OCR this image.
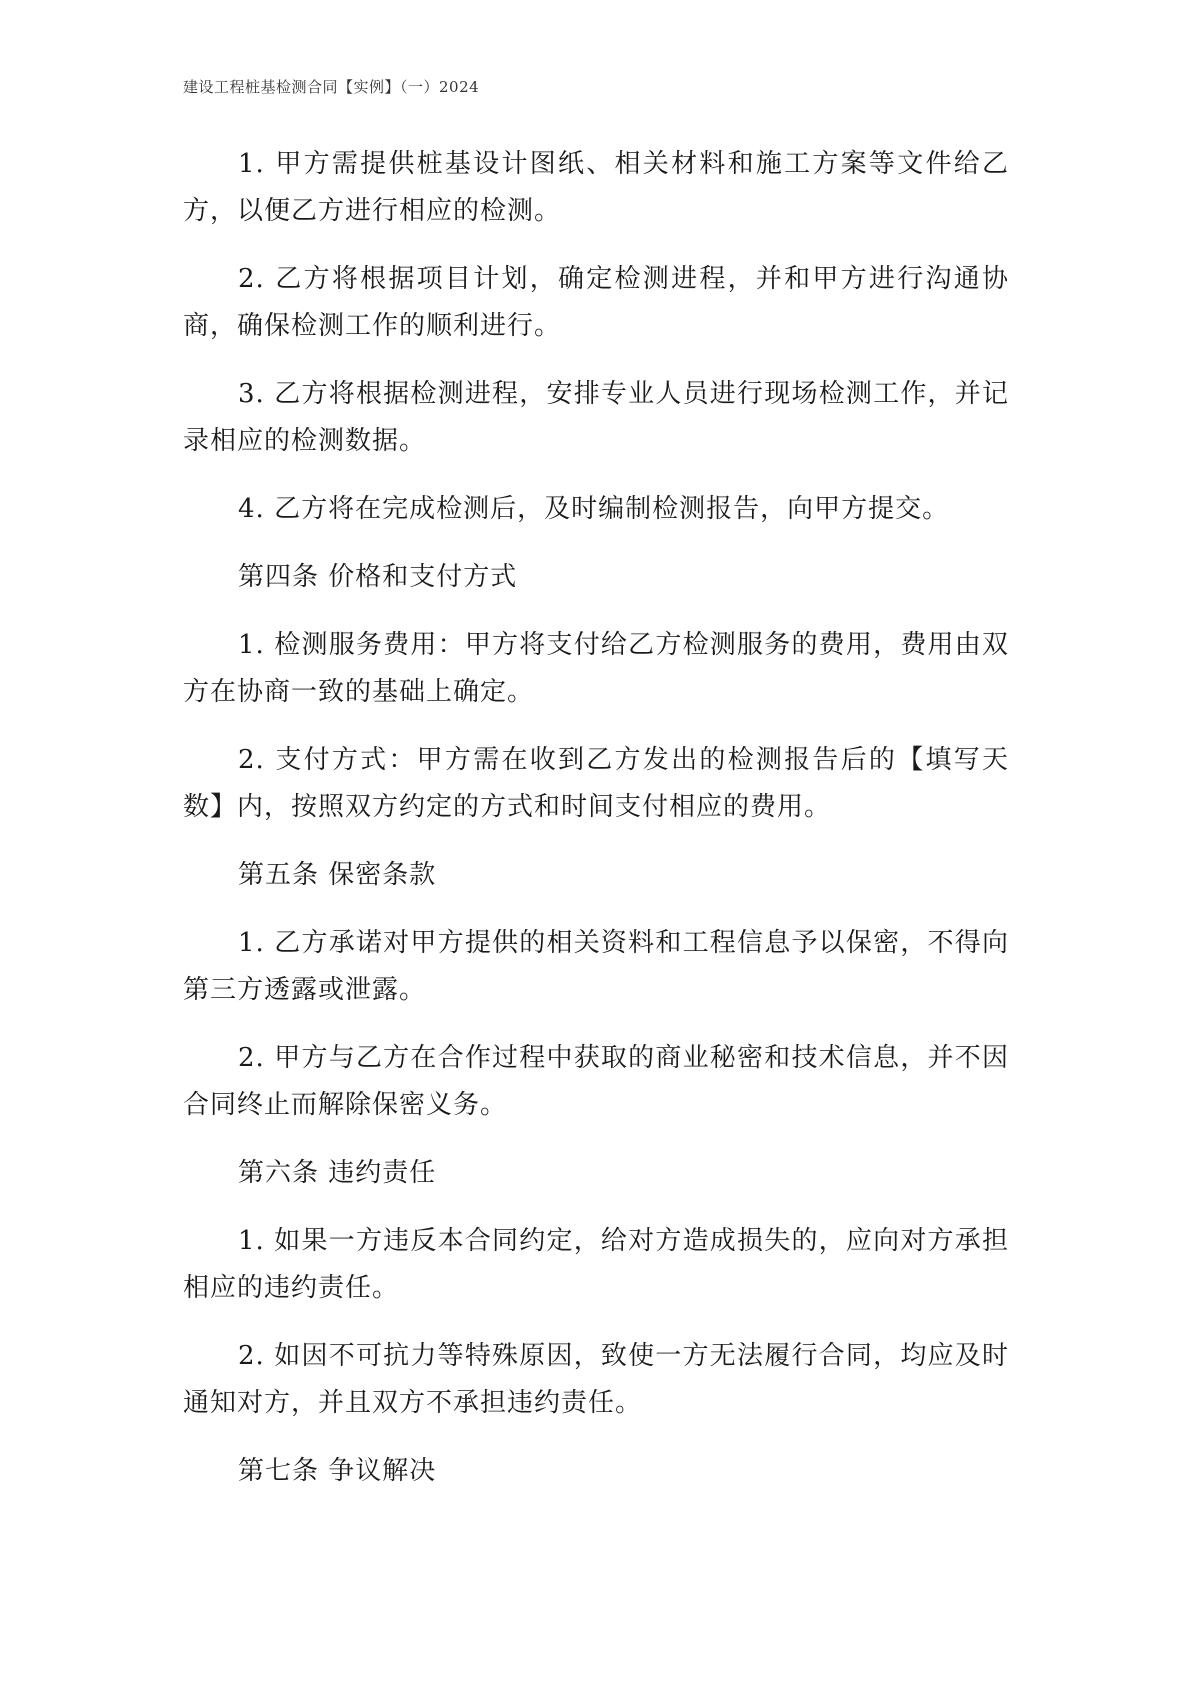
建设工程桩基检测合同【实例】（一）2024

1. 甲方需提供桩基设计图纸、相关材料和施工方案等文件给乙方，以便乙方进行相应的检测。

2. 乙方将根据项目计划，确定检测进程，并和甲方进行沟通协商，确保检测工作的顺利进行。

3. 乙方将根据检测进程，安排专业人员进行现场检测工作，并记录相应的检测数据。

4. 乙方将在完成检测后，及时编制检测报告，向甲方提交。

第四条 价格和支付方式

1. 检测服务费用：甲方将支付给乙方检测服务的费用，费用由双方在协商一致的基础上确定。

2. 支付方式：甲方需在收到乙方发出的检测报告后的【填写天数】内，按照双方约定的方式和时间支付相应的费用。

第五条 保密条款

1. 乙方承诺对甲方提供的相关资料和工程信息予以保密，不得向第三方透露或泄露。

2. 甲方与乙方在合作过程中获取的商业秘密和技术信息，并不因合同终止而解除保密义务。

第六条 违约责任

1. 如果一方违反本合同约定，给对方造成损失的，应向对方承担相应的违约责任。

2. 如因不可抗力等特殊原因，致使一方无法履行合同，均应及时通知对方，并且双方不承担违约责任。

第七条 争议解决
